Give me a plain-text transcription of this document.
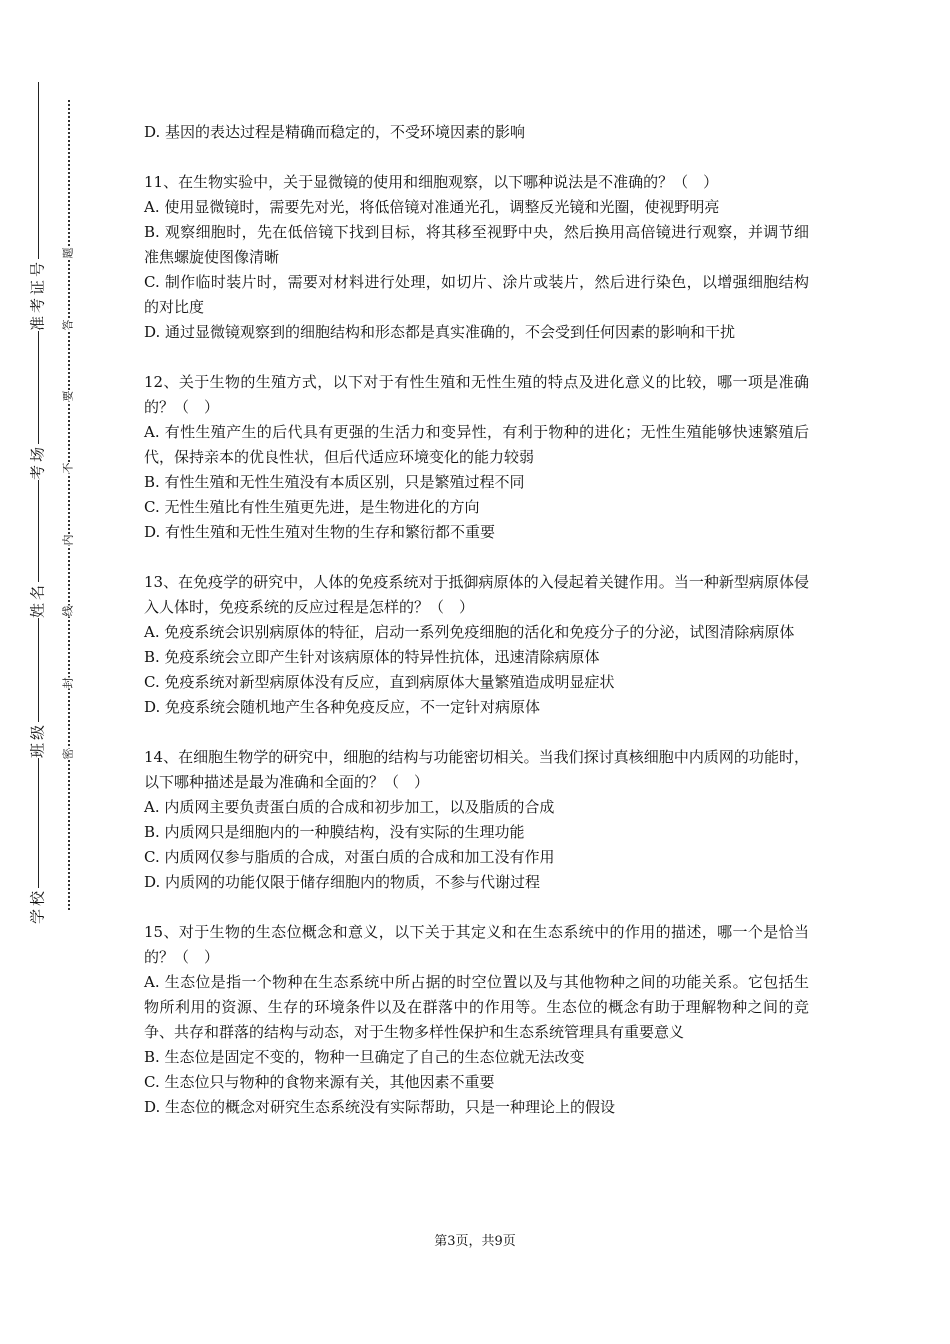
准考证号
考场
姓名
班级
学校
题
答
要
不
内
线
封
密

D. 基因的表达过程是精确而稳定的，不受环境因素的影响

11、在生物实验中，关于显微镜的使用和细胞观察，以下哪种说法是不准确的？（　）

A. 使用显微镜时，需要先对光，将低倍镜对准通光孔，调整反光镜和光圈，使视野明亮

B. 观察细胞时，先在低倍镜下找到目标，将其移至视野中央，然后换用高倍镜进行观察，并调节细准焦螺旋使图像清晰

C. 制作临时装片时，需要对材料进行处理，如切片、涂片或装片，然后进行染色，以增强细胞结构的对比度

D. 通过显微镜观察到的细胞结构和形态都是真实准确的，不会受到任何因素的影响和干扰

12、关于生物的生殖方式，以下对于有性生殖和无性生殖的特点及进化意义的比较，哪一项是准确的？（　）

A. 有性生殖产生的后代具有更强的生活力和变异性，有利于物种的进化；无性生殖能够快速繁殖后代，保持亲本的优良性状，但后代适应环境变化的能力较弱

B. 有性生殖和无性生殖没有本质区别，只是繁殖过程不同

C. 无性生殖比有性生殖更先进，是生物进化的方向

D. 有性生殖和无性生殖对生物的生存和繁衍都不重要

13、在免疫学的研究中，人体的免疫系统对于抵御病原体的入侵起着关键作用。当一种新型病原体侵入人体时，免疫系统的反应过程是怎样的？（　）

A. 免疫系统会识别病原体的特征，启动一系列免疫细胞的活化和免疫分子的分泌，试图清除病原体

B. 免疫系统会立即产生针对该病原体的特异性抗体，迅速清除病原体

C. 免疫系统对新型病原体没有反应，直到病原体大量繁殖造成明显症状

D. 免疫系统会随机地产生各种免疫反应，不一定针对病原体

14、在细胞生物学的研究中，细胞的结构与功能密切相关。当我们探讨真核细胞中内质网的功能时，以下哪种描述是最为准确和全面的？（　）

A. 内质网主要负责蛋白质的合成和初步加工，以及脂质的合成

B. 内质网只是细胞内的一种膜结构，没有实际的生理功能

C. 内质网仅参与脂质的合成，对蛋白质的合成和加工没有作用

D. 内质网的功能仅限于储存细胞内的物质，不参与代谢过程

15、对于生物的生态位概念和意义，以下关于其定义和在生态系统中的作用的描述，哪一个是恰当的？（　）

A. 生态位是指一个物种在生态系统中所占据的时空位置以及与其他物种之间的功能关系。它包括生物所利用的资源、生存的环境条件以及在群落中的作用等。生态位的概念有助于理解物种之间的竞争、共存和群落的结构与动态，对于生物多样性保护和生态系统管理具有重要意义

B. 生态位是固定不变的，物种一旦确定了自己的生态位就无法改变

C. 生态位只与物种的食物来源有关，其他因素不重要

D. 生态位的概念对研究生态系统没有实际帮助，只是一种理论上的假设

第3页，共9页
